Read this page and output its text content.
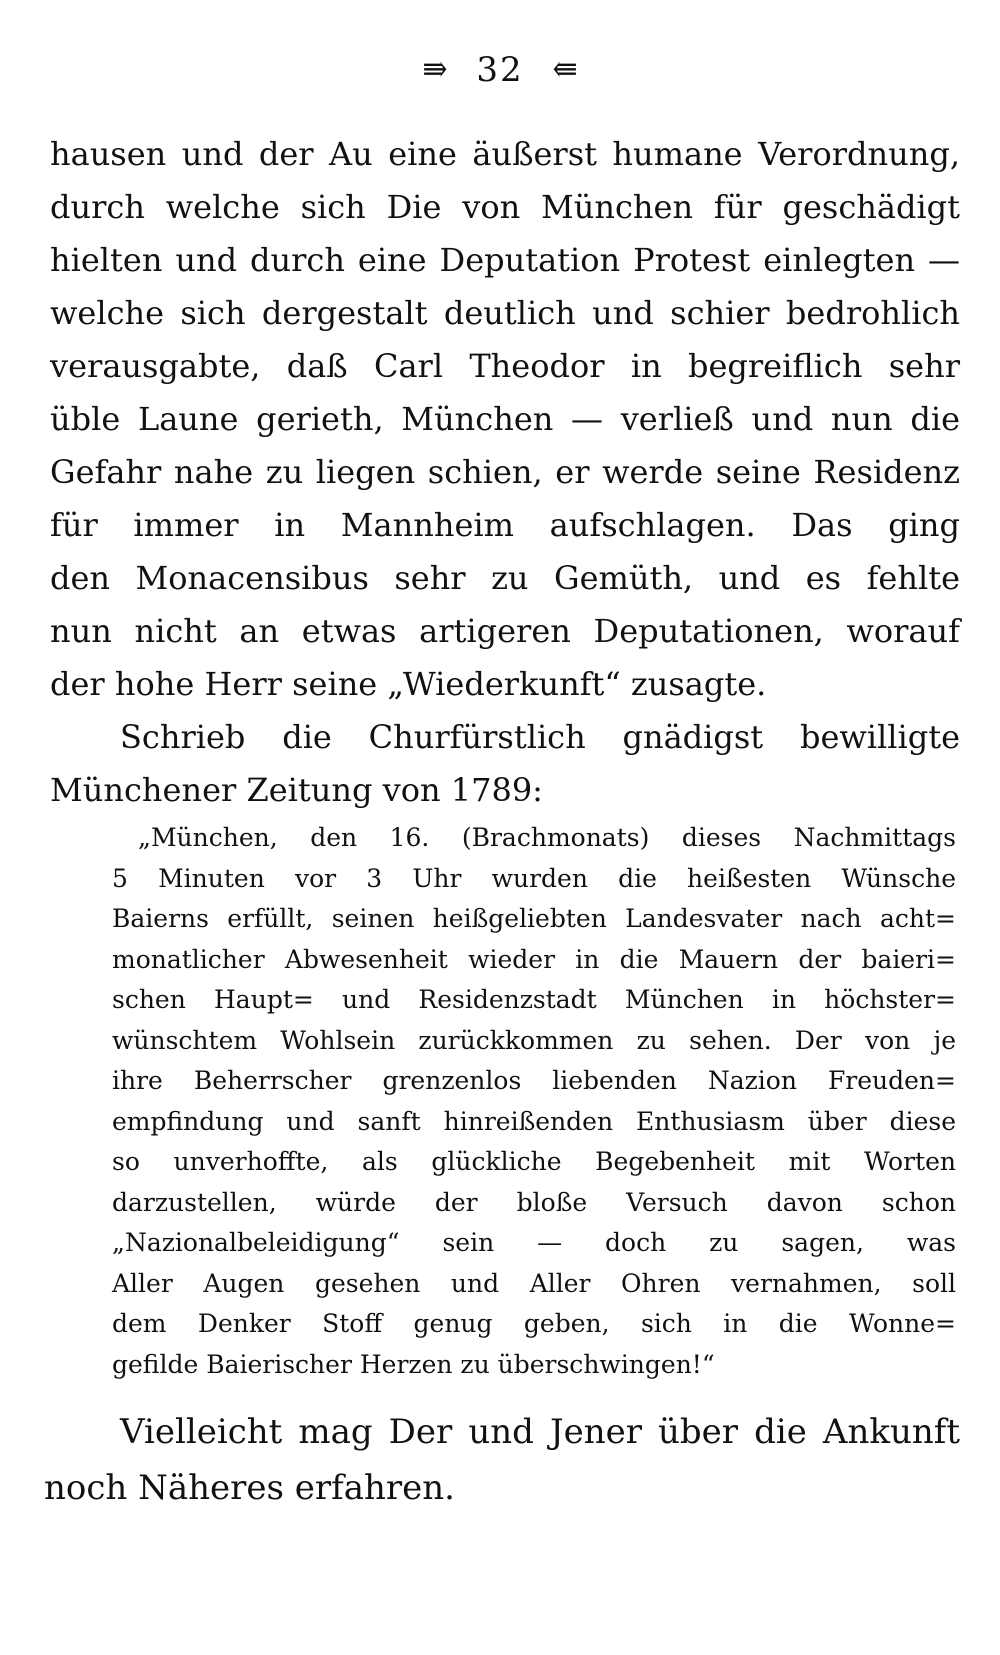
⇛ 32 ⇚
hausen und der Au eine äußerst humane Verordnung,
durch welche sich Die von München für geschädigt
hielten und durch eine Deputation Protest einlegten —
welche sich dergestalt deutlich und schier bedrohlich
verausgabte, daß Carl Theodor in begreiflich sehr
üble Laune gerieth, München — verließ und nun die
Gefahr nahe zu liegen schien, er werde seine Residenz
für immer in Mannheim aufschlagen. Das ging
den Monacensibus sehr zu Gemüth, und es fehlte
nun nicht an etwas artigeren Deputationen, worauf
der hohe Herr seine „Wiederkunft“ zusagte.
Schrieb die Churfürstlich gnädigst bewilligte
Münchener Zeitung von 1789:
„München, den 16. (Brachmonats) dieses Nachmittags
5 Minuten vor 3 Uhr wurden die heißesten Wünsche
Baierns erfüllt, seinen heißgeliebten Landesvater nach acht=
monatlicher Abwesenheit wieder in die Mauern der baieri=
schen Haupt= und Residenzstadt München in höchster=
wünschtem Wohlsein zurückkommen zu sehen. Der von je
ihre Beherrscher grenzenlos liebenden Nazion Freuden=
empfindung und sanft hinreißenden Enthusiasm über diese
so unverhoffte, als glückliche Begebenheit mit Worten
darzustellen, würde der bloße Versuch davon schon
„Nazionalbeleidigung“ sein — doch zu sagen, was
Aller Augen gesehen und Aller Ohren vernahmen, soll
dem Denker Stoff genug geben, sich in die Wonne=
gefilde Baierischer Herzen zu überschwingen!“
Vielleicht mag Der und Jener über die Ankunft
noch Näheres erfahren.
